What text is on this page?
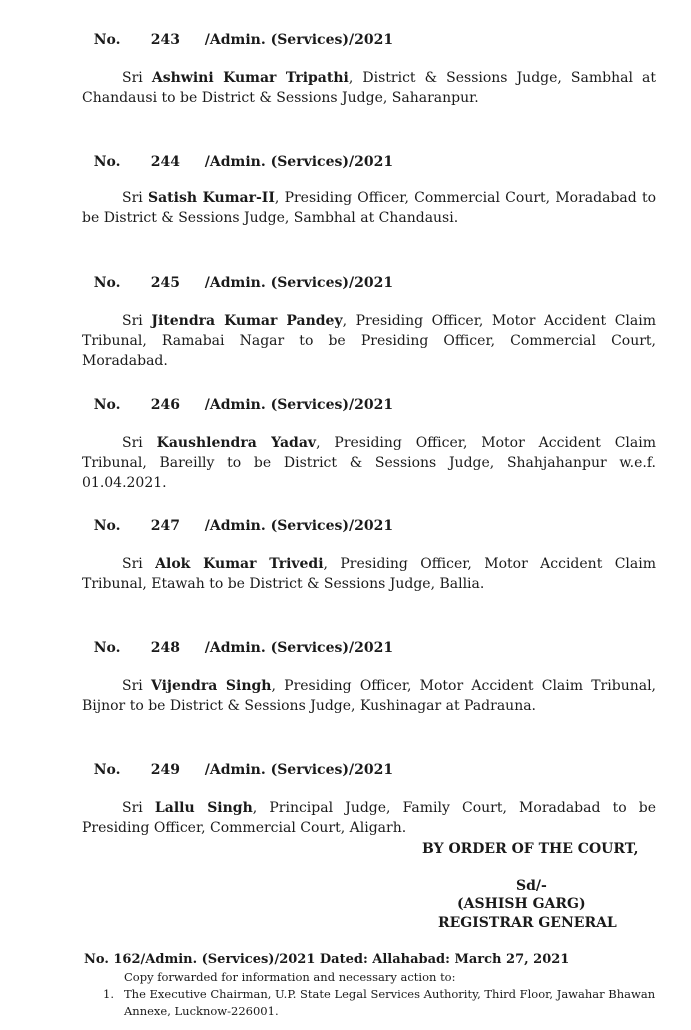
No. 243 /Admin. (Services)/2021

Sri Ashwini Kumar Tripathi, District & Sessions Judge, Sambhal at Chandausi to be District & Sessions Judge, Saharanpur.

No. 244 /Admin. (Services)/2021

Sri Satish Kumar-II, Presiding Officer, Commercial Court, Moradabad to be District & Sessions Judge, Sambhal at Chandausi.

No. 245 /Admin. (Services)/2021

Sri Jitendra Kumar Pandey, Presiding Officer, Motor Accident Claim Tribunal, Ramabai Nagar to be Presiding Officer, Commercial Court, Moradabad.

No. 246 /Admin. (Services)/2021

Sri Kaushlendra Yadav, Presiding Officer, Motor Accident Claim Tribunal, Bareilly to be District & Sessions Judge, Shahjahanpur w.e.f. 01.04.2021.

No. 247 /Admin. (Services)/2021

Sri Alok Kumar Trivedi, Presiding Officer, Motor Accident Claim Tribunal, Etawah to be District & Sessions Judge, Ballia.

No. 248 /Admin. (Services)/2021

Sri Vijendra Singh, Presiding Officer, Motor Accident Claim Tribunal, Bijnor to be District & Sessions Judge, Kushinagar at Padrauna.

No. 249 /Admin. (Services)/2021

Sri Lallu Singh, Principal Judge, Family Court, Moradabad to be Presiding Officer, Commercial Court, Aligarh.
BY ORDER OF THE COURT,
Sd/-
(ASHISH GARG)
REGISTRAR GENERAL
No. 162/Admin. (Services)/2021 Dated: Allahabad: March 27, 2021
Copy forwarded for information and necessary action to:
1. The Executive Chairman, U.P. State Legal Services Authority, Third Floor, Jawahar Bhawan
Annexe, Lucknow-226001.
